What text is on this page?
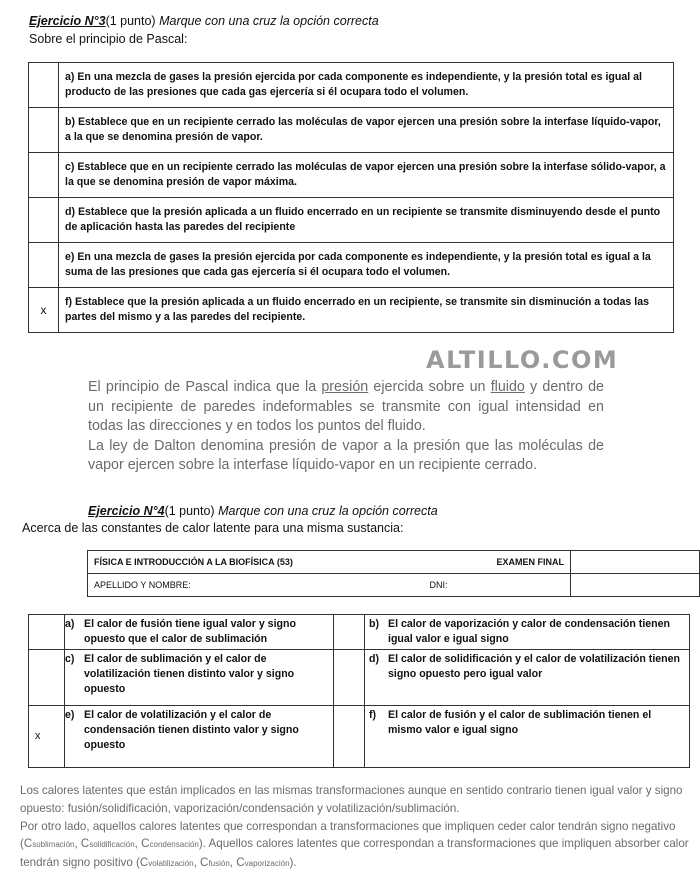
Ejercicio N°3(1 punto) Marque con una cruz la opción correcta
Sobre el principio de Pascal:
	a) En una mezcla de gases la presión ejercida por cada componente es independiente, y la presión total es igual al producto de las presiones que cada gas ejercería si él ocupara todo el volumen.
	b) Establece que en un recipiente cerrado las moléculas de vapor ejercen una presión sobre la interfase líquido-vapor, a la que se denomina presión de vapor.
	c) Establece que en un recipiente cerrado las moléculas de vapor ejercen una presión sobre la interfase sólido-vapor, a la que se denomina presión de vapor máxima.
	d) Establece que la presión aplicada a un fluido encerrado en un recipiente se transmite disminuyendo desde el punto de aplicación hasta las paredes del recipiente
	e) En una mezcla de gases la presión ejercida por cada componente es independiente, y la presión total es igual a la suma de las presiones que cada gas ejercería si él ocupara todo el volumen.
x	f) Establece que la presión aplicada a un fluido encerrado en un recipiente, se transmite sin disminución a todas las partes del mismo y a las paredes del recipiente.
ALTILLO.COM

El principio de Pascal indica que la presión ejercida sobre un fluido y dentro de un recipiente de paredes indeformables se transmite con igual intensidad en todas las direcciones y en todos los puntos del fluido.

La ley de Dalton denomina presión de vapor a la presión que las moléculas de vapor ejercen sobre la interfase líquido-vapor en un recipiente cerrado.

Ejercicio N°4(1 punto) Marque con una cruz la opción correcta
Acerca de las constantes de calor latente para una misma sustancia:
FÍSICA E INTRODUCCIÓN A LA BIOFÍSICA (53) EXAMEN FINAL	

APELLIDO Y NOMBRE: DNI:	

	a)	El calor de fusión tiene igual valor y signo opuesto que el calor de sublimación		b)	El calor de vaporización y calor de condensación tienen igual valor e igual signo
	c)	El calor de sublimación y el calor de volatilización tienen distinto valor y signo opuesto		d)	El calor de solidificación y el calor de volatilización tienen signo opuesto pero igual valor
x	e)	El calor de volatilización y el calor de condensación tienen distinto valor y signo opuesto		f)	El calor de fusión y el calor de sublimación tienen el mismo valor e igual signo

Los calores latentes que están implicados en las mismas transformaciones aunque en sentido contrario tienen igual valor y signo opuesto: fusión/solidificación, vaporización/condensación y volatilización/sublimación.

Por otro lado, aquellos calores latentes que correspondan a transformaciones que impliquen ceder calor tendrán signo negativo (Csublimación, Csolidificación, Ccondensación). Aquellos calores latentes que correspondan a transformaciones que impliquen absorber calor tendrán signo positivo (Cvolatilización, Cfusión, Cvaporización).
